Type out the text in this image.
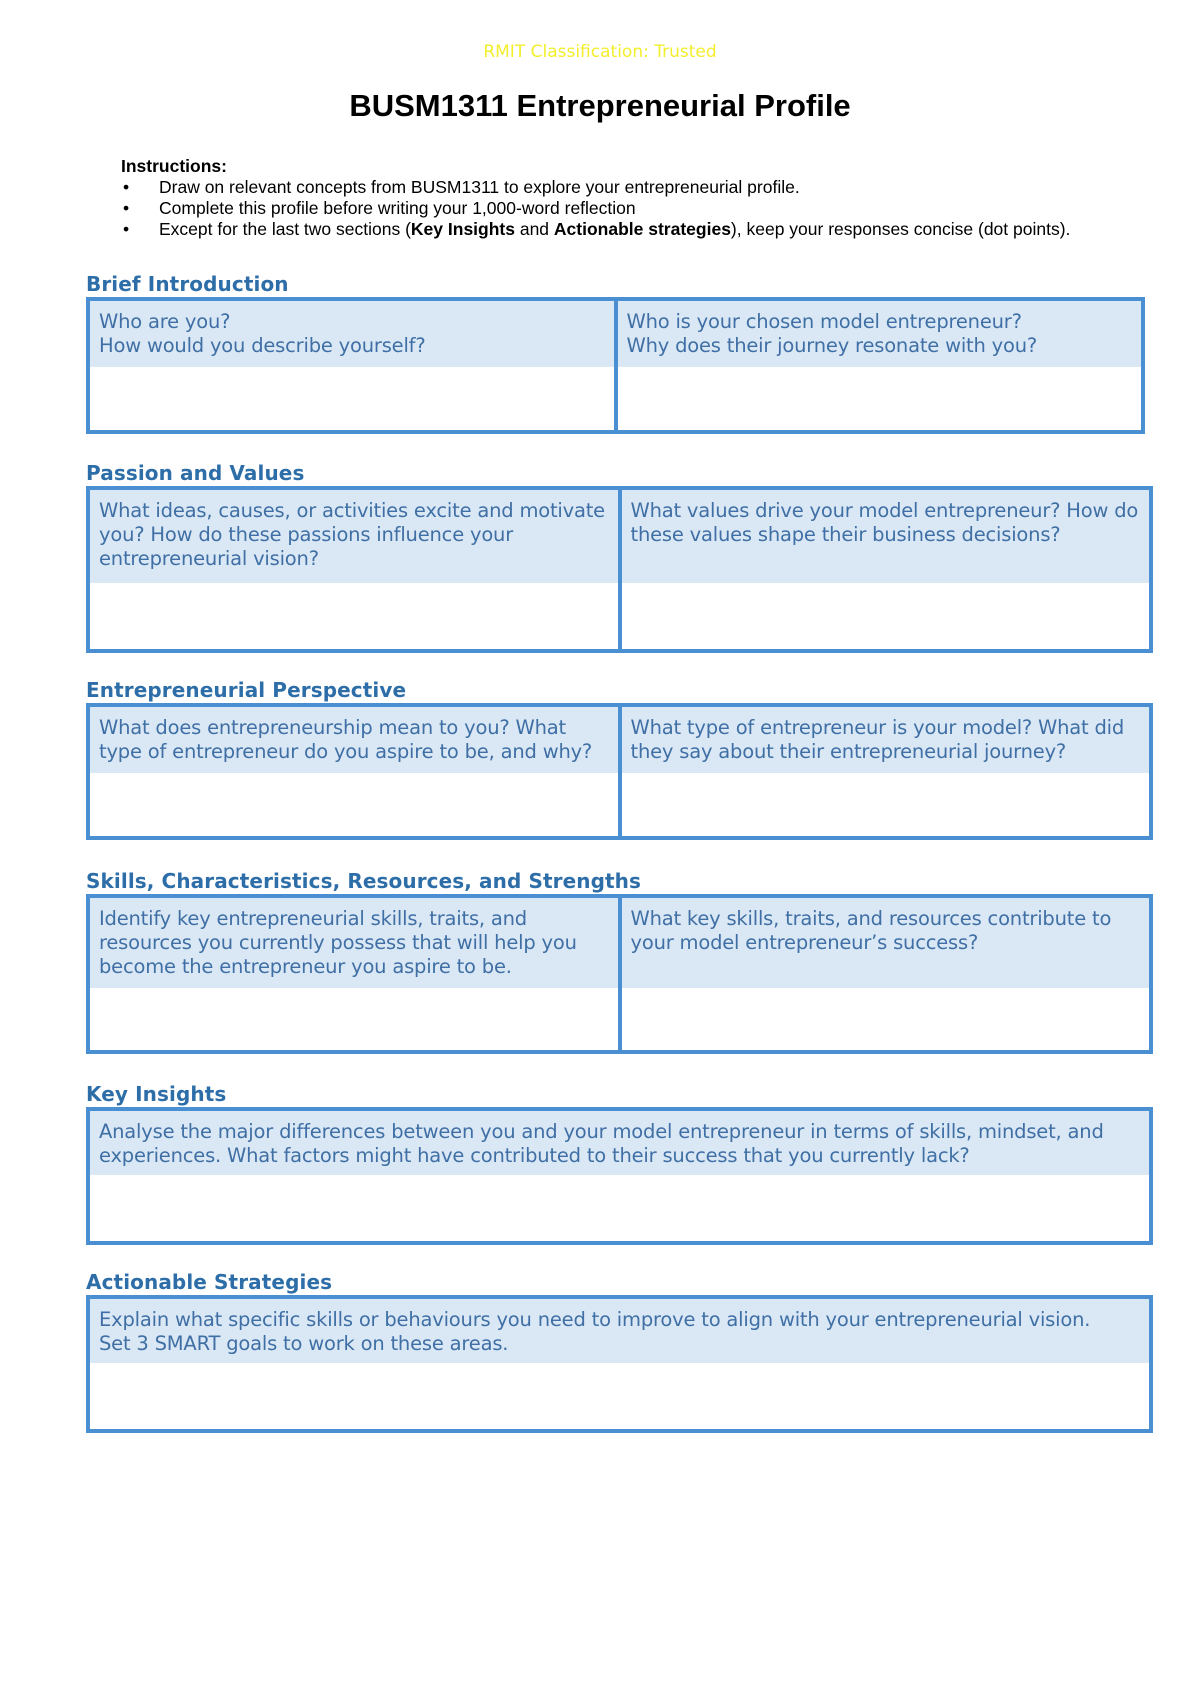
RMIT Classification: Trusted
BUSM1311 Entrepreneurial Profile
Instructions:
• Draw on relevant concepts from BUSM1311 to explore your entrepreneurial profile.
• Complete this profile before writing your 1,000-word reflection
• Except for the last two sections (Key Insights and Actionable strategies), keep your responses concise (dot points).
Brief Introduction
Who are you?
How would you describe yourself?
Who is your chosen model entrepreneur?
Why does their journey resonate with you?
Passion and Values
What ideas, causes, or activities excite and motivate you? How do these passions influence your entrepreneurial vision?
What values drive your model entrepreneur? How do these values shape their business decisions?
Entrepreneurial Perspective
What does entrepreneurship mean to you? What type of entrepreneur do you aspire to be, and why?
What type of entrepreneur is your model? What did they say about their entrepreneurial journey?
Skills, Characteristics, Resources, and Strengths
Identify key entrepreneurial skills, traits, and resources you currently possess that will help you become the entrepreneur you aspire to be.
What key skills, traits, and resources contribute to your model entrepreneur’s success?
Key Insights
Analyse the major differences between you and your model entrepreneur in terms of skills, mindset, and experiences. What factors might have contributed to their success that you currently lack?
Actionable Strategies
Explain what specific skills or behaviours you need to improve to align with your entrepreneurial vision.
Set 3 SMART goals to work on these areas.
